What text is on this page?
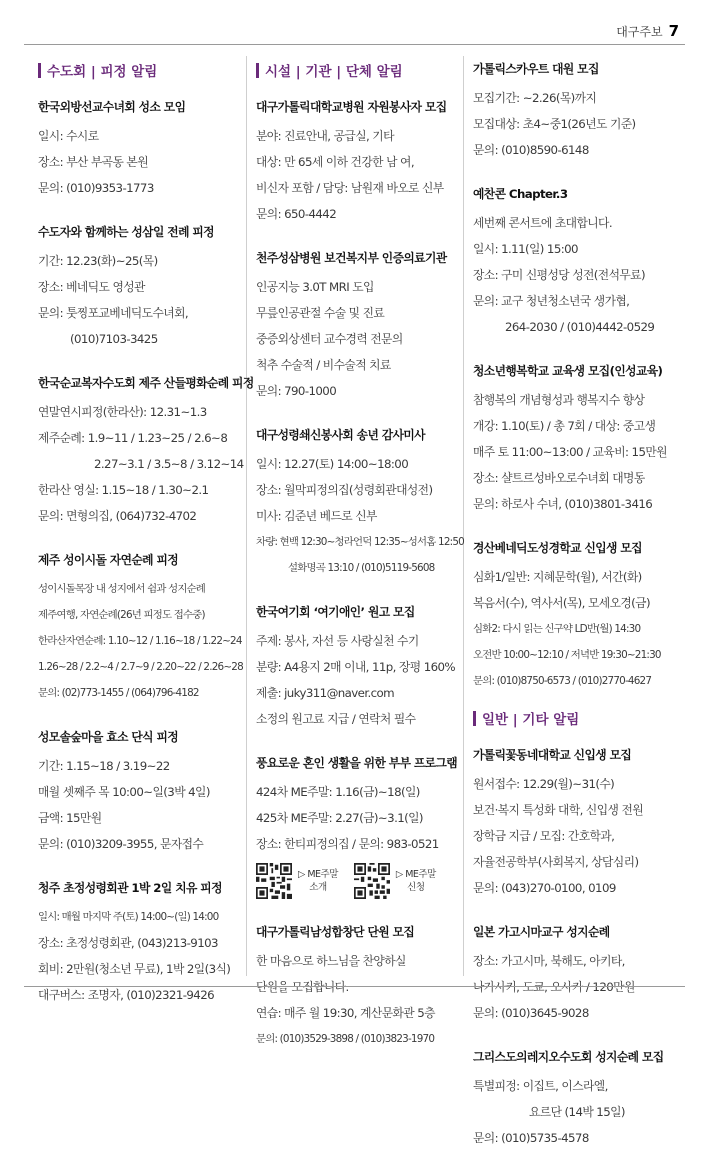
대구주보 7
수도회 | 피정 알림
한국외방선교수녀회 성소 모임
일시: 수시로
장소: 부산 부곡동 본원
문의: (010)9353-1773
수도자와 함께하는 성삼일 전례 피정
기간: 12.23(화)~25(목)
장소: 베네딕도 영성관
문의: 툿찡포교베네딕도수녀회,
(010)7103-3425
한국순교복자수도회 제주 산들평화순례 피정
연말연시피정(한라산): 12.31~1.3
제주순례: 1.9~11 / 1.23~25 / 2.6~8
2.27~3.1 / 3.5~8 / 3.12~14
한라산 영실: 1.15~18 / 1.30~2.1
문의: 면형의집, (064)732-4702
제주 성이시돌 자연순례 피정
성이시돌목장 내 성지에서 쉼과 성지순례
제주여행, 자연순례(26년 피정도 접수중)
한라산자연순례: 1.10~12 / 1.16~18 / 1.22~24
1.26~28 / 2.2~4 / 2.7~9 / 2.20~22 / 2.26~28
문의: (02)773-1455 / (064)796-4182
성모솔숲마을 효소 단식 피정
기간: 1.15~18 / 3.19~22
매월 셋째주 목 10:00~일(3박 4일)
금액: 15만원
문의: (010)3209-3955, 문자접수
청주 초정성령회관 1박 2일 치유 피정
일시: 매월 마지막 주(토) 14:00~(일) 14:00
장소: 초정성령회관, (043)213-9103
회비: 2만원(청소년 무료), 1박 2일(3식)
대구버스: 조명자, (010)2321-9426
시설 | 기관 | 단체 알림
대구가톨릭대학교병원 자원봉사자 모집
분야: 진료안내, 공급실, 기타
대상: 만 65세 이하 건강한 남 여,
비신자 포함 / 담당: 남원재 바오로 신부
문의: 650-4442
천주성삼병원 보건복지부 인증의료기관
인공지능 3.0T MRI 도입
무릎인공관절 수술 및 진료
중증외상센터 교수경력 전문의
척추 수술적 / 비수술적 치료
문의: 790-1000
대구성령쇄신봉사회 송년 감사미사
일시: 12.27(토) 14:00~18:00
장소: 월막피정의집(성령회관대성전)
미사: 김준년 베드로 신부
차량: 현백 12:30~청라언덕 12:35~성서홈 12:50
설화명곡 13:10 / (010)5119-5608
한국여기회 ‘여기애인’ 원고 모집
주제: 봉사, 자선 등 사랑실천 수기
분량: A4용지 2매 이내, 11p, 장평 160%
제출: juky311@naver.com
소정의 원고료 지급 / 연락처 필수
풍요로운 혼인 생활을 위한 부부 프로그램
424차 ME주말: 1.16(금)~18(일)
425차 ME주말: 2.27(금)~3.1(일)
장소: 한티피정의집 / 문의: 983-0521
▷ ME주말
소개
▷ ME주말
신청
대구가톨릭남성합창단 단원 모집
한 마음으로 하느님을 찬양하실
단원을 모집합니다.
연습: 매주 월 19:30, 계산문화관 5층
문의: (010)3529-3898 / (010)3823-1970
가톨릭스카우트 대원 모집
모집기간: ~2.26(목)까지
모집대상: 초4~중1(26년도 기준)
문의: (010)8590-6148
예찬콘 Chapter.3
세번째 콘서트에 초대합니다.
일시: 1.11(일) 15:00
장소: 구미 신평성당 성전(전석무료)
문의: 교구 청년청소년국 생가협,
264-2030 / (010)4442-0529
청소년행복학교 교육생 모집(인성교육)
참행복의 개념형성과 행복지수 향상
개강: 1.10(토) / 총 7회 / 대상: 중고생
매주 토 11:00~13:00 / 교육비: 15만원
장소: 샬트르성바오로수녀회 대명동
문의: 하로사 수녀, (010)3801-3416
경산베네딕도성경학교 신입생 모집
심화1/일반: 지혜문학(월), 서간(화)
복음서(수), 역사서(목), 모세오경(금)
심화2: 다시 읽는 신구약 LD반(월) 14:30
오전반 10:00~12:10 / 저녁반 19:30~21:30
문의: (010)8750-6573 / (010)2770-4627
일반 | 기타 알림
가톨릭꽃동네대학교 신입생 모집
원서접수: 12.29(월)~31(수)
보건·복지 특성화 대학, 신입생 전원
장학금 지급 / 모집: 간호학과,
자율전공학부(사회복지, 상담심리)
문의: (043)270-0100, 0109
일본 가고시마교구 성지순례
장소: 가고시마, 북해도, 아키타,
나가사키, 도쿄, 오사카 / 120만원
문의: (010)3645-9028
그리스도의레지오수도회 성지순례 모집
특별피정: 이집트, 이스라엘,
요르단 (14박 15일)
문의: (010)5735-4578
